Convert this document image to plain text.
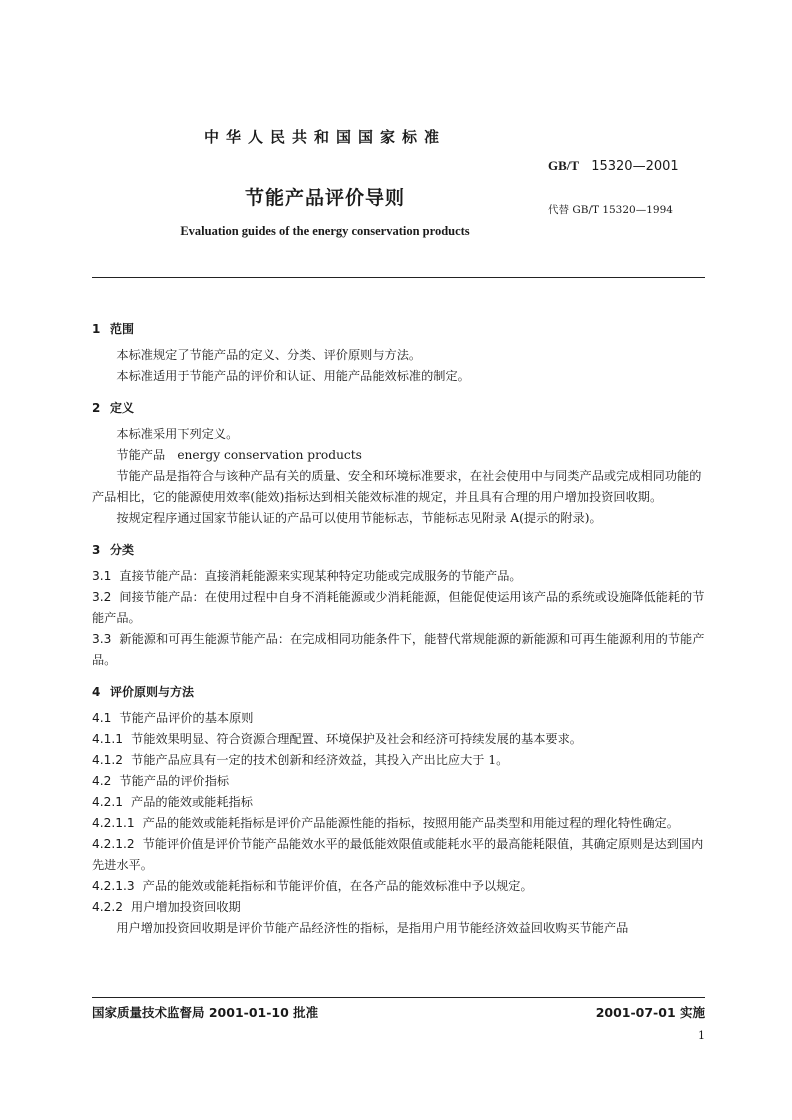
中华人民共和国国家标准
GB/T 15320—2001
节能产品评价导则
代替 GB/T 15320—1994
Evaluation guides of the energy conservation products
1 范围
本标准规定了节能产品的定义、分类、评价原则与方法。
本标准适用于节能产品的评价和认证、用能产品能效标准的制定。
2 定义
本标准采用下列定义。
节能产品　energy conservation products
节能产品是指符合与该种产品有关的质量、安全和环境标准要求，在社会使用中与同类产品或完成相同功能的产品相比，它的能源使用效率(能效)指标达到相关能效标准的规定，并且具有合理的用户增加投资回收期。
按规定程序通过国家节能认证的产品可以使用节能标志，节能标志见附录 A(提示的附录)。
3 分类
3.1 直接节能产品：直接消耗能源来实现某种特定功能或完成服务的节能产品。
3.2 间接节能产品：在使用过程中自身不消耗能源或少消耗能源，但能促使运用该产品的系统或设施降低能耗的节能产品。
3.3 新能源和可再生能源节能产品：在完成相同功能条件下，能替代常规能源的新能源和可再生能源利用的节能产品。
4 评价原则与方法
4.1 节能产品评价的基本原则
4.1.1 节能效果明显、符合资源合理配置、环境保护及社会和经济可持续发展的基本要求。
4.1.2 节能产品应具有一定的技术创新和经济效益，其投入产出比应大于 1。
4.2 节能产品的评价指标
4.2.1 产品的能效或能耗指标
4.2.1.1 产品的能效或能耗指标是评价产品能源性能的指标，按照用能产品类型和用能过程的理化特性确定。
4.2.1.2 节能评价值是评价节能产品能效水平的最低能效限值或能耗水平的最高能耗限值，其确定原则是达到国内先进水平。
4.2.1.3 产品的能效或能耗指标和节能评价值，在各产品的能效标准中予以规定。
4.2.2 用户增加投资回收期
用户增加投资回收期是评价节能产品经济性的指标，是指用户用节能经济效益回收购买节能产品
国家质量技术监督局 2001-01-10 批准	2001-07-01 实施
1
